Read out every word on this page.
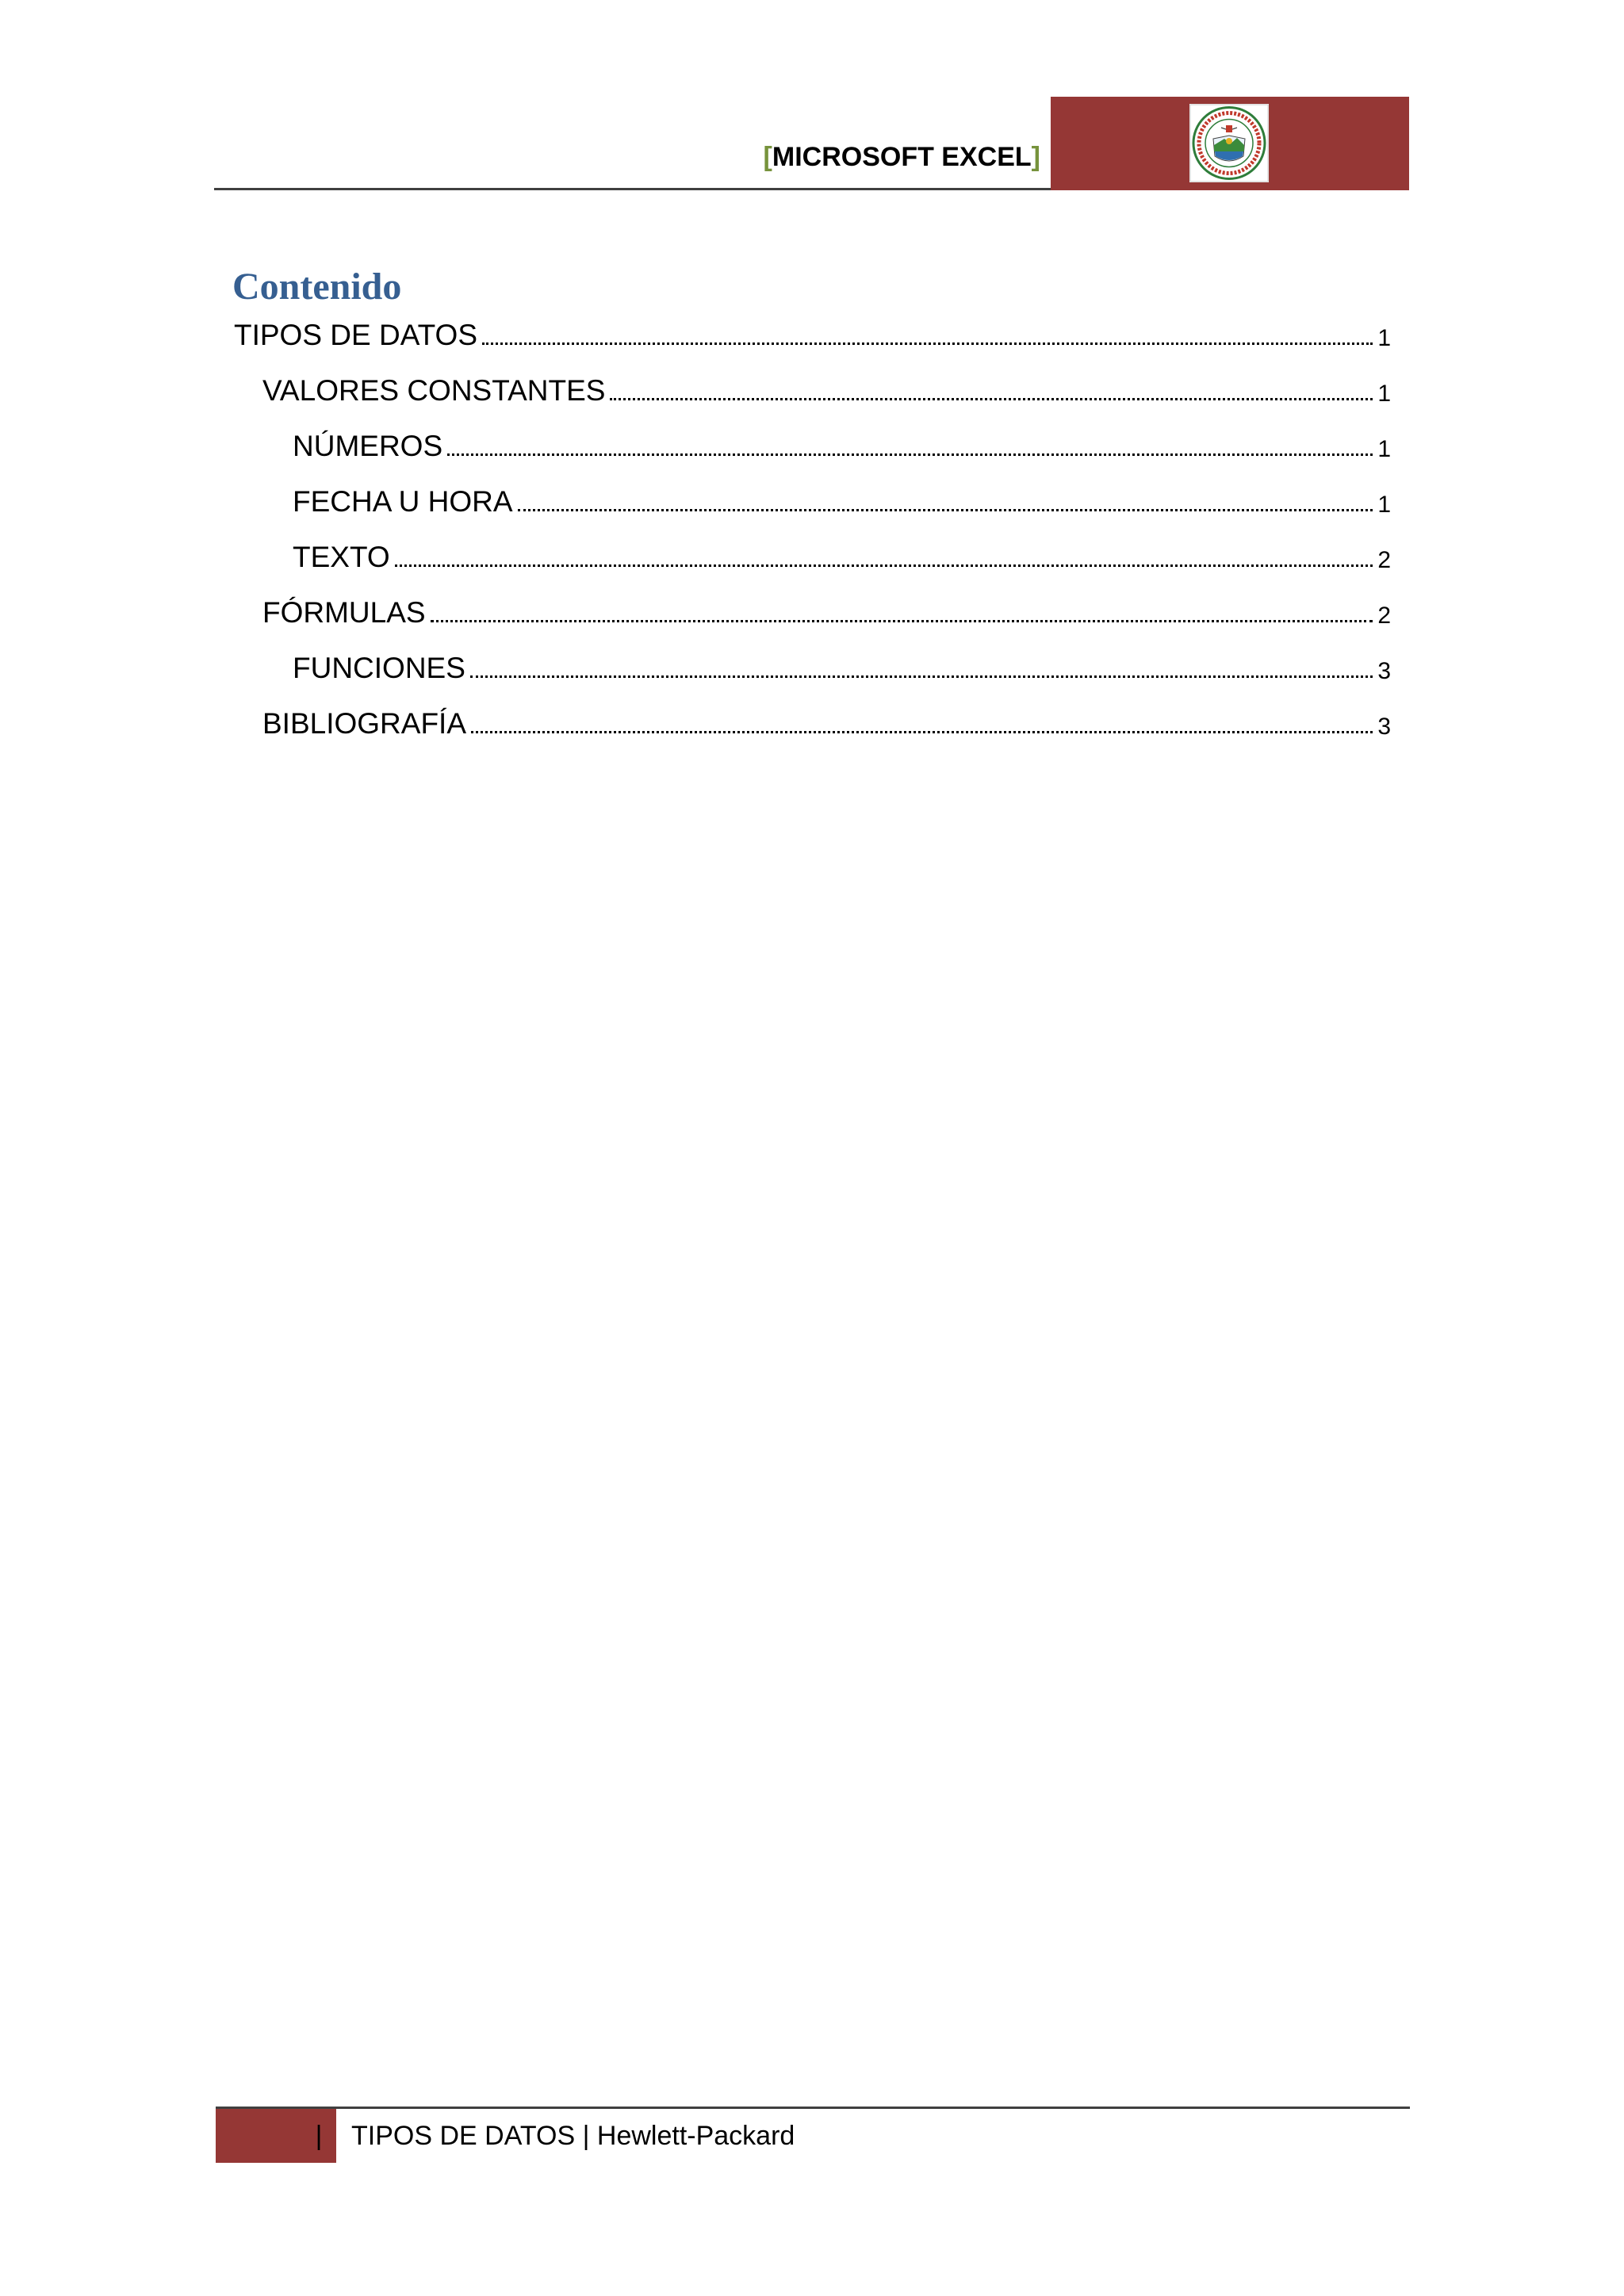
[MICROSOFT EXCEL]
Contenido
TIPOS DE DATOS	1
VALORES CONSTANTES	1
NÚMEROS	1
FECHA U HORA	1
TEXTO	2
FÓRMULAS	2
FUNCIONES	3
BIBLIOGRAFÍA	3
| TIPOS DE DATOS | Hewlett-Packard
